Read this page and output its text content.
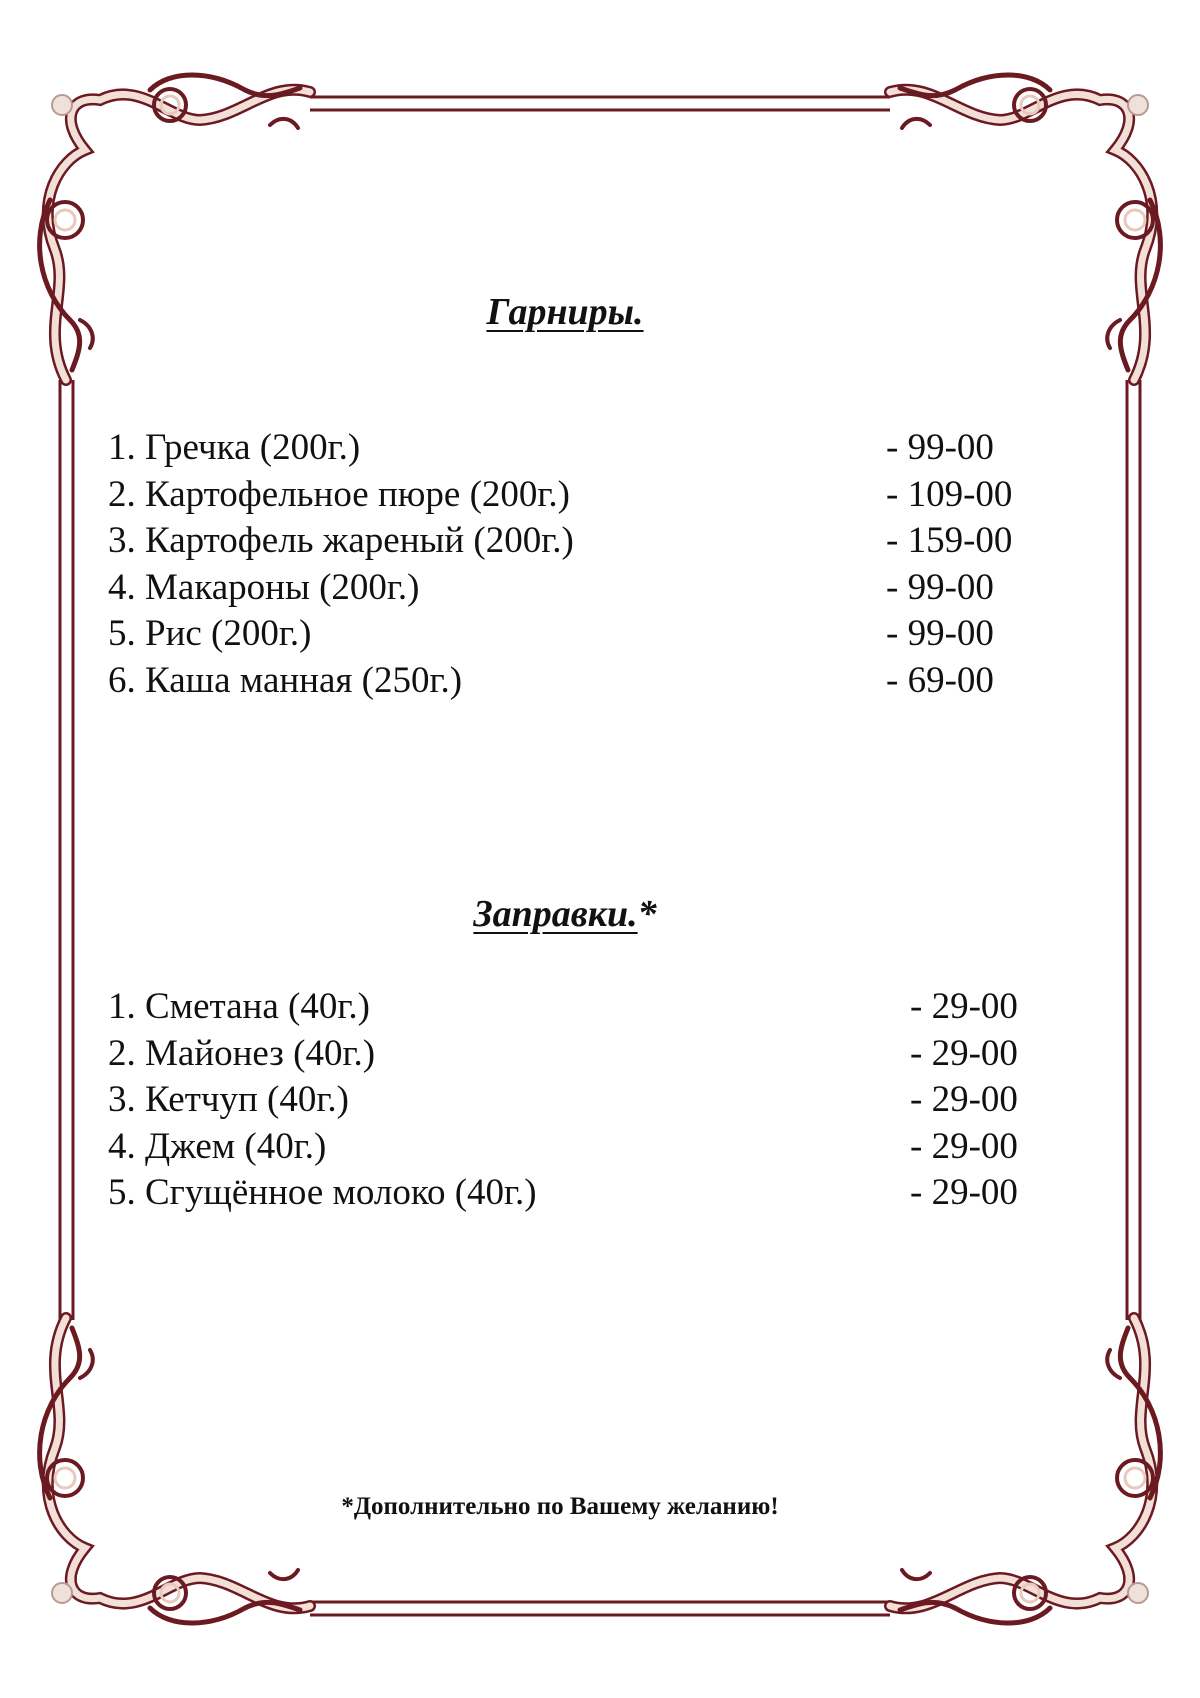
Гарниры.
1. Гречка (200г.)	- 99-00
2. Картофельное пюре (200г.)	- 109-00
3. Картофель жареный (200г.)	- 159-00
4. Макароны (200г.)	- 99-00
5. Рис (200г.)	- 99-00
6. Каша манная (250г.)	- 69-00
Заправки.*
1. Сметана (40г.)	- 29-00
2. Майонез (40г.)	- 29-00
3. Кетчуп (40г.)	- 29-00
4. Джем (40г.)	- 29-00
5. Сгущённое молоко (40г.)	- 29-00

*Дополнительно по Вашему желанию!
